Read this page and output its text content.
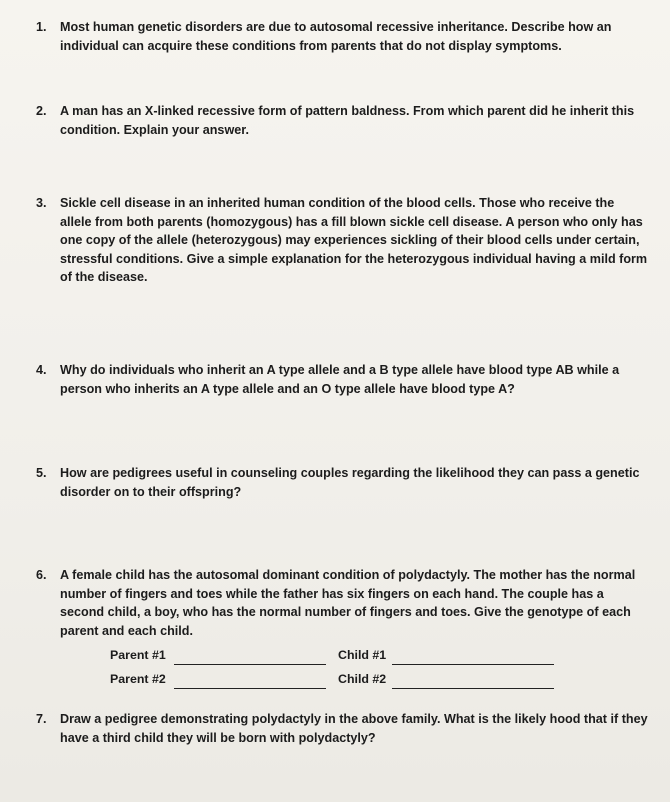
1.	Most human genetic disorders are due to autosomal recessive inheritance. Describe how an individual can acquire these conditions from parents that do not display symptoms.
2.	A man has an X-linked recessive form of pattern baldness. From which parent did he inherit this condition. Explain your answer.
3.	Sickle cell disease in an inherited human condition of the blood cells. Those who receive the allele from both parents (homozygous) has a fill blown sickle cell disease. A person who only has one copy of the allele (heterozygous) may experiences sickling of their blood cells under certain, stressful conditions. Give a simple explanation for the heterozygous individual having a mild form of the disease.
4.	Why do individuals who inherit an A type allele and a B type allele have blood type AB while a person who inherits an A type allele and an O type allele have blood type A?
5.	How are pedigrees useful in counseling couples regarding the likelihood they can pass a genetic disorder on to their offspring?
6.	A female child has the autosomal dominant condition of polydactyly. The mother has the normal number of fingers and toes while the father has six fingers on each hand. The couple has a second child, a boy, who has the normal number of fingers and toes. Give the genotype of each parent and each child.
Parent #1	Child #1
Parent #2	Child #2
7.	Draw a pedigree demonstrating polydactyly in the above family. What is the likely hood that if they have a third child they will be born with polydactyly?
